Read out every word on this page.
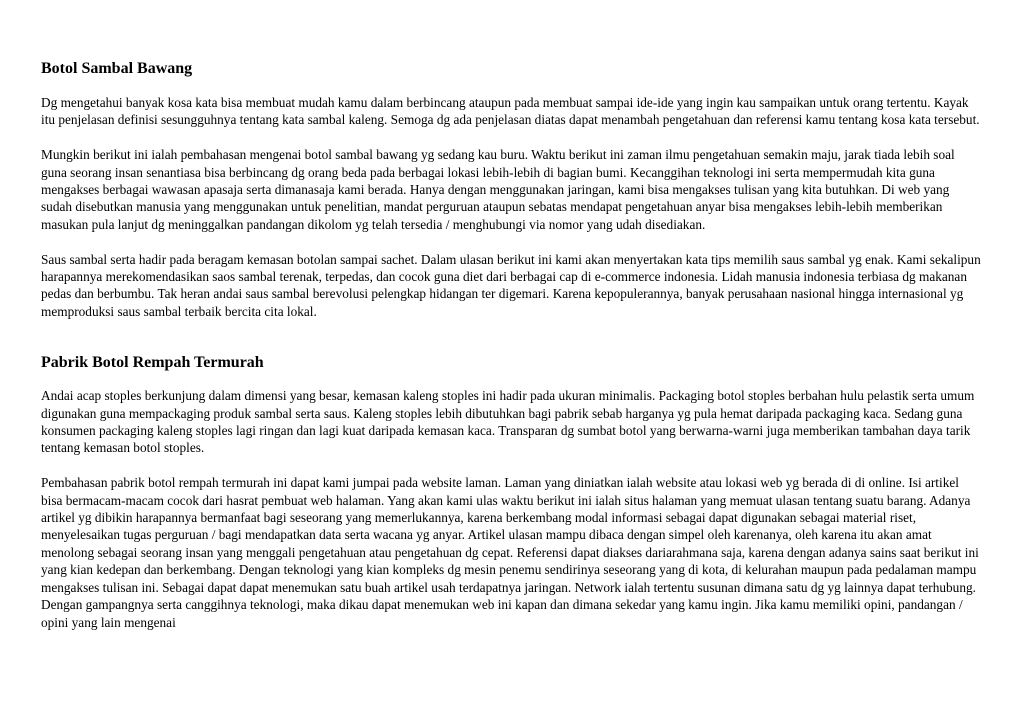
Botol Sambal Bawang

Dg mengetahui banyak kosa kata bisa membuat mudah kamu dalam berbincang ataupun pada membuat sampai ide-ide yang ingin kau sampaikan untuk orang tertentu. Kayak itu penjelasan definisi sesungguhnya tentang kata sambal kaleng. Semoga dg ada penjelasan diatas dapat menambah pengetahuan dan referensi kamu tentang kosa kata tersebut.

Mungkin berikut ini ialah pembahasan mengenai botol sambal bawang yg sedang kau buru. Waktu berikut ini zaman ilmu pengetahuan semakin maju, jarak tiada lebih soal guna seorang insan senantiasa bisa berbincang dg orang beda pada berbagai lokasi lebih-lebih di bagian bumi. Kecanggihan teknologi ini serta mempermudah kita guna mengakses berbagai wawasan apasaja serta dimanasaja kami berada. Hanya dengan menggunakan jaringan, kami bisa mengakses tulisan yang kita butuhkan. Di web yang sudah disebutkan manusia yang menggunakan untuk penelitian, mandat perguruan ataupun sebatas mendapat pengetahuan anyar bisa mengakses lebih-lebih memberikan masukan pula lanjut dg meninggalkan pandangan dikolom yg telah tersedia / menghubungi via nomor yang udah disediakan.

Saus sambal serta hadir pada beragam kemasan botolan sampai sachet. Dalam ulasan berikut ini kami akan menyertakan kata tips memilih saus sambal yg enak. Kami sekalipun harapannya merekomendasikan saos sambal terenak, terpedas, dan cocok guna diet dari berbagai cap di e-commerce indonesia. Lidah manusia indonesia terbiasa dg makanan pedas dan berbumbu. Tak heran andai saus sambal berevolusi pelengkap hidangan ter digemari. Karena kepopulerannya, banyak perusahaan nasional hingga internasional yg memproduksi saus sambal terbaik bercita cita lokal.

Pabrik Botol Rempah Termurah

Andai acap stoples berkunjung dalam dimensi yang besar, kemasan kaleng stoples ini hadir pada ukuran minimalis. Packaging botol stoples berbahan hulu pelastik serta umum digunakan guna mempackaging produk sambal serta saus. Kaleng stoples lebih dibutuhkan bagi pabrik sebab harganya yg pula hemat daripada packaging kaca. Sedang guna konsumen packaging kaleng stoples lagi ringan dan lagi kuat daripada kemasan kaca. Transparan dg sumbat botol yang berwarna-warni juga memberikan tambahan daya tarik tentang kemasan botol stoples.

Pembahasan pabrik botol rempah termurah ini dapat kami jumpai pada website laman. Laman yang diniatkan ialah website atau lokasi web yg berada di di online. Isi artikel bisa bermacam-macam cocok dari hasrat pembuat web halaman. Yang akan kami ulas waktu berikut ini ialah situs halaman yang memuat ulasan tentang suatu barang. Adanya artikel yg dibikin harapannya bermanfaat bagi seseorang yang memerlukannya, karena berkembang modal informasi sebagai dapat digunakan sebagai material riset, menyelesaikan tugas perguruan / bagi mendapatkan data serta wacana yg anyar. Artikel ulasan mampu dibaca dengan simpel oleh karenanya, oleh karena itu akan amat menolong sebagai seorang insan yang menggali pengetahuan atau pengetahuan dg cepat. Referensi dapat diakses dariarahmana saja, karena dengan adanya sains saat berikut ini yang kian kedepan dan berkembang. Dengan teknologi yang kian kompleks dg mesin penemu sendirinya seseorang yang di kota, di kelurahan maupun pada pedalaman mampu mengakses tulisan ini. Sebagai dapat dapat menemukan satu buah artikel usah terdapatnya jaringan. Network ialah tertentu susunan dimana satu dg yg lainnya dapat terhubung. Dengan gampangnya serta canggihnya teknologi, maka dikau dapat menemukan web ini kapan dan dimana sekedar yang kamu ingin. Jika kamu memiliki opini, pandangan / opini yang lain mengenai
